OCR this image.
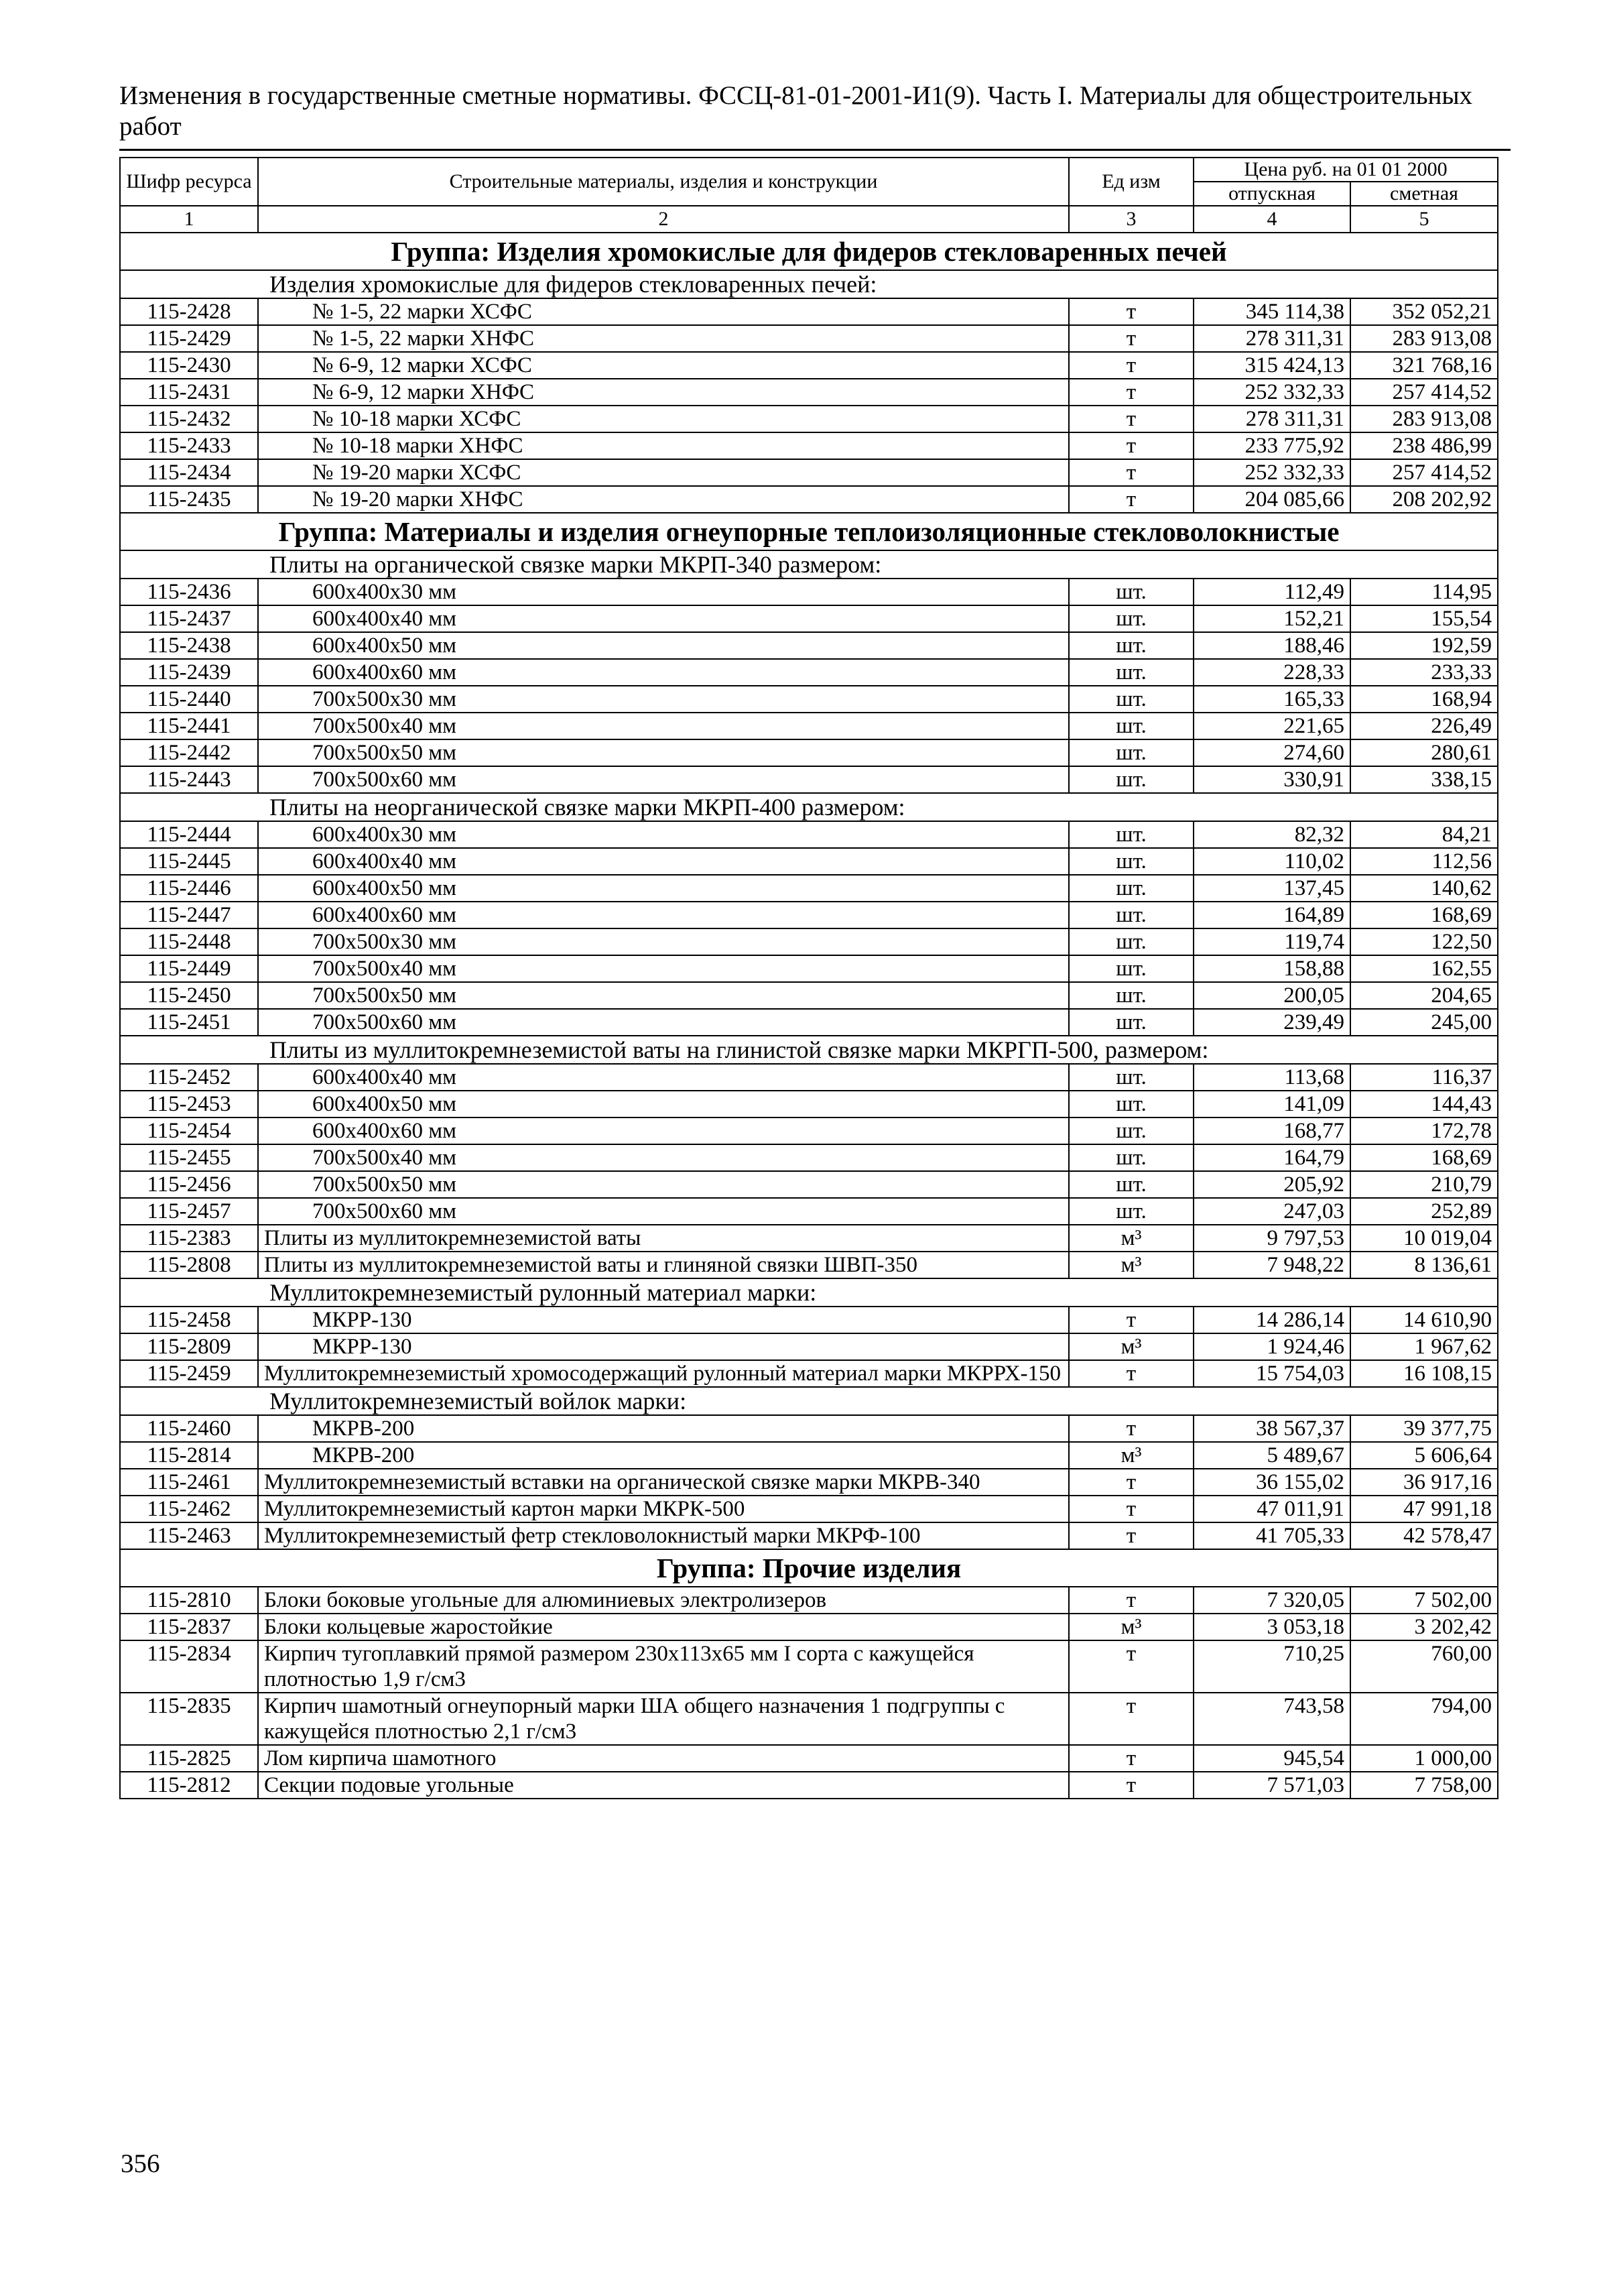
Изменения в государственные сметные нормативы. ФССЦ-81-01-2001-И1(9). Часть I. Материалы для общестроительных работ
Шифр ресурса	Строительные материалы, изделия и конструкции	Ед изм	Цена руб. на 01 01 2000	
			отпускная	сметная
1	2	3	4	5
Группа: Изделия хромокислые для фидеров стекловаренных печей				
Изделия хромокислые для фидеров стекловаренных печей:				
115-2428	№ 1-5, 22 марки ХСФС	т	345 114,38	352 052,21
115-2429	№ 1-5, 22 марки ХНФС	т	278 311,31	283 913,08
115-2430	№ 6-9, 12 марки ХСФС	т	315 424,13	321 768,16
115-2431	№ 6-9, 12 марки ХНФС	т	252 332,33	257 414,52
115-2432	№ 10-18 марки ХСФС	т	278 311,31	283 913,08
115-2433	№ 10-18 марки ХНФС	т	233 775,92	238 486,99
115-2434	№ 19-20 марки ХСФС	т	252 332,33	257 414,52
115-2435	№ 19-20 марки ХНФС	т	204 085,66	208 202,92
Группа: Материалы и изделия огнеупорные теплоизоляционные стекловолокнистые				
Плиты на органической связке марки МКРП-340 размером:				
115-2436	600х400х30 мм	шт.	112,49	114,95
115-2437	600х400х40 мм	шт.	152,21	155,54
115-2438	600х400х50 мм	шт.	188,46	192,59
115-2439	600х400х60 мм	шт.	228,33	233,33
115-2440	700х500х30 мм	шт.	165,33	168,94
115-2441	700х500х40 мм	шт.	221,65	226,49
115-2442	700х500х50 мм	шт.	274,60	280,61
115-2443	700х500х60 мм	шт.	330,91	338,15
Плиты на неорганической связке марки МКРП-400 размером:				
115-2444	600х400х30 мм	шт.	82,32	84,21
115-2445	600х400х40 мм	шт.	110,02	112,56
115-2446	600х400х50 мм	шт.	137,45	140,62
115-2447	600х400х60 мм	шт.	164,89	168,69
115-2448	700х500х30 мм	шт.	119,74	122,50
115-2449	700х500х40 мм	шт.	158,88	162,55
115-2450	700х500х50 мм	шт.	200,05	204,65
115-2451	700х500х60 мм	шт.	239,49	245,00
Плиты из муллитокремнеземистой ваты на глинистой связке марки МКРГП-500, размером:				
115-2452	600х400х40 мм	шт.	113,68	116,37
115-2453	600х400х50 мм	шт.	141,09	144,43
115-2454	600х400х60 мм	шт.	168,77	172,78
115-2455	700х500х40 мм	шт.	164,79	168,69
115-2456	700х500х50 мм	шт.	205,92	210,79
115-2457	700х500х60 мм	шт.	247,03	252,89
115-2383	Плиты из муллитокремнеземистой ваты	м³	9 797,53	10 019,04
115-2808	Плиты из муллитокремнеземистой ваты и глиняной связки ШВП-350	м³	7 948,22	8 136,61
Муллитокремнеземистый рулонный материал марки:				
115-2458	МКРР-130	т	14 286,14	14 610,90
115-2809	МКРР-130	м³	1 924,46	1 967,62
115-2459	Муллитокремнеземистый хромосодержащий рулонный материал марки МКРРХ-150	т	15 754,03	16 108,15
Муллитокремнеземистый войлок марки:				
115-2460	МКРВ-200	т	38 567,37	39 377,75
115-2814	МКРВ-200	м³	5 489,67	5 606,64
115-2461	Муллитокремнеземистый вставки на органической связке марки МКРВ-340	т	36 155,02	36 917,16
115-2462	Муллитокремнеземистый картон марки МКРК-500	т	47 011,91	47 991,18
115-2463	Муллитокремнеземистый фетр стекловолокнистый марки МКРФ-100	т	41 705,33	42 578,47
Группа: Прочие изделия				
115-2810	Блоки боковые угольные для алюминиевых электролизеров	т	7 320,05	7 502,00
115-2837	Блоки кольцевые жаростойкие	м³	3 053,18	3 202,42
115-2834	Кирпич тугоплавкий прямой размером 230х113х65 мм I сорта с кажущейся плотностью 1,9 г/см3	т	710,25	760,00
115-2835	Кирпич шамотный огнеупорный марки ША общего назначения 1 подгруппы с кажущейся плотностью 2,1 г/см3	т	743,58	794,00
115-2825	Лом кирпича шамотного	т	945,54	1 000,00
115-2812	Секции подовые угольные	т	7 571,03	7 758,00
356
